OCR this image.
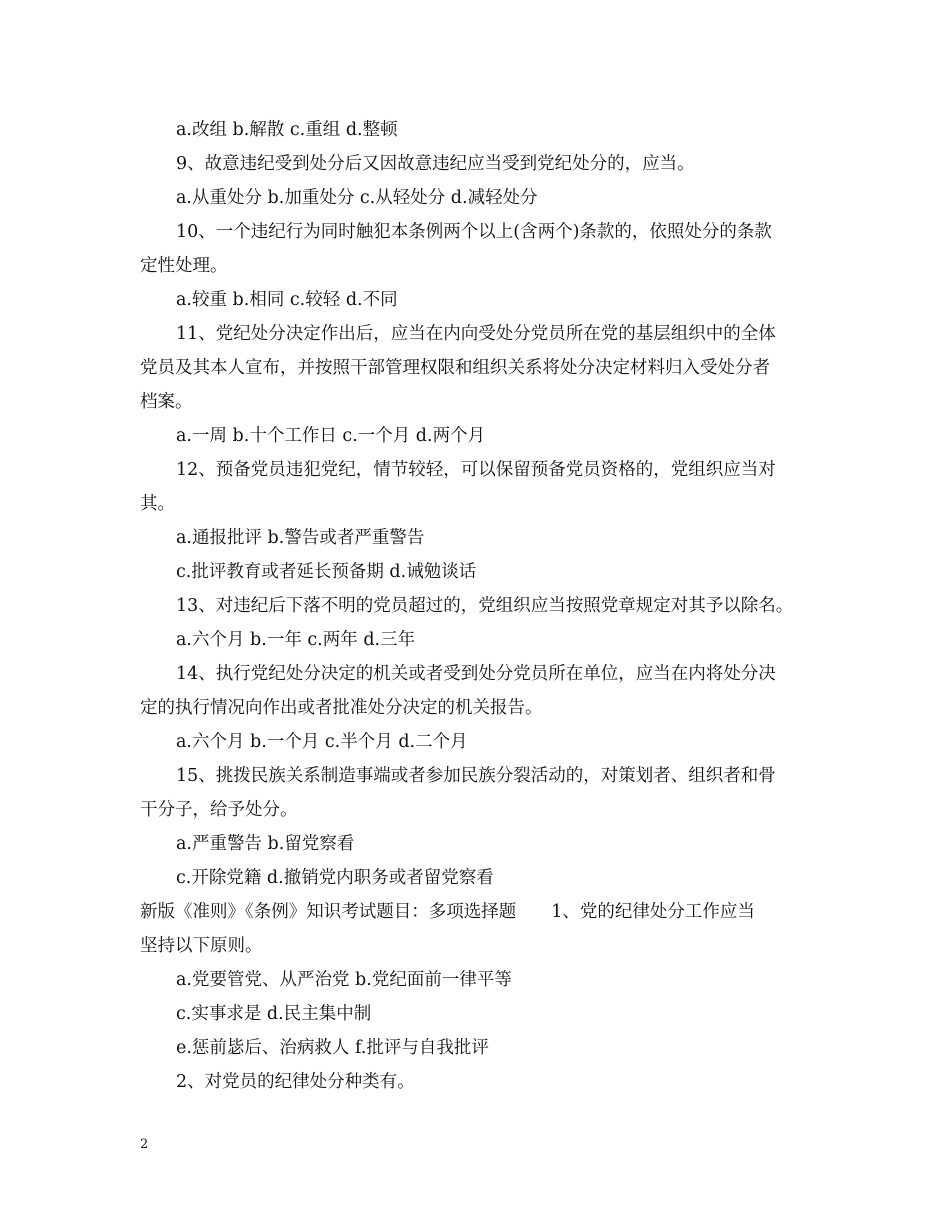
a.改组 b.解散 c.重组 d.整顿
9、故意违纪受到处分后又因故意违纪应当受到党纪处分的，应当。
a.从重处分 b.加重处分 c.从轻处分 d.减轻处分
10、一个违纪行为同时触犯本条例两个以上(含两个)条款的，依照处分的条款
定性处理。
a.较重 b.相同 c.较轻 d.不同
11、党纪处分决定作出后，应当在内向受处分党员所在党的基层组织中的全体
党员及其本人宣布，并按照干部管理权限和组织关系将处分决定材料归入受处分者
档案。
a.一周 b.十个工作日 c.一个月 d.两个月
12、预备党员违犯党纪，情节较轻，可以保留预备党员资格的，党组织应当对
其。
a.通报批评 b.警告或者严重警告
c.批评教育或者延长预备期 d.诫勉谈话
13、对违纪后下落不明的党员超过的，党组织应当按照党章规定对其予以除名。
a.六个月 b.一年 c.两年 d.三年
14、执行党纪处分决定的机关或者受到处分党员所在单位，应当在内将处分决
定的执行情况向作出或者批准处分决定的机关报告。
a.六个月 b.一个月 c.半个月 d.二个月
15、挑拨民族关系制造事端或者参加民族分裂活动的，对策划者、组织者和骨
干分子，给予处分。
a.严重警告 b.留党察看
c.开除党籍 d.撤销党内职务或者留党察看
新版《准则》《条例》知识考试题目：多项选择题　　1、党的纪律处分工作应当
坚持以下原则。
a.党要管党、从严治党 b.党纪面前一律平等
c.实事求是 d.民主集中制
e.惩前毖后、治病救人 f.批评与自我批评
2、对党员的纪律处分种类有。
2
